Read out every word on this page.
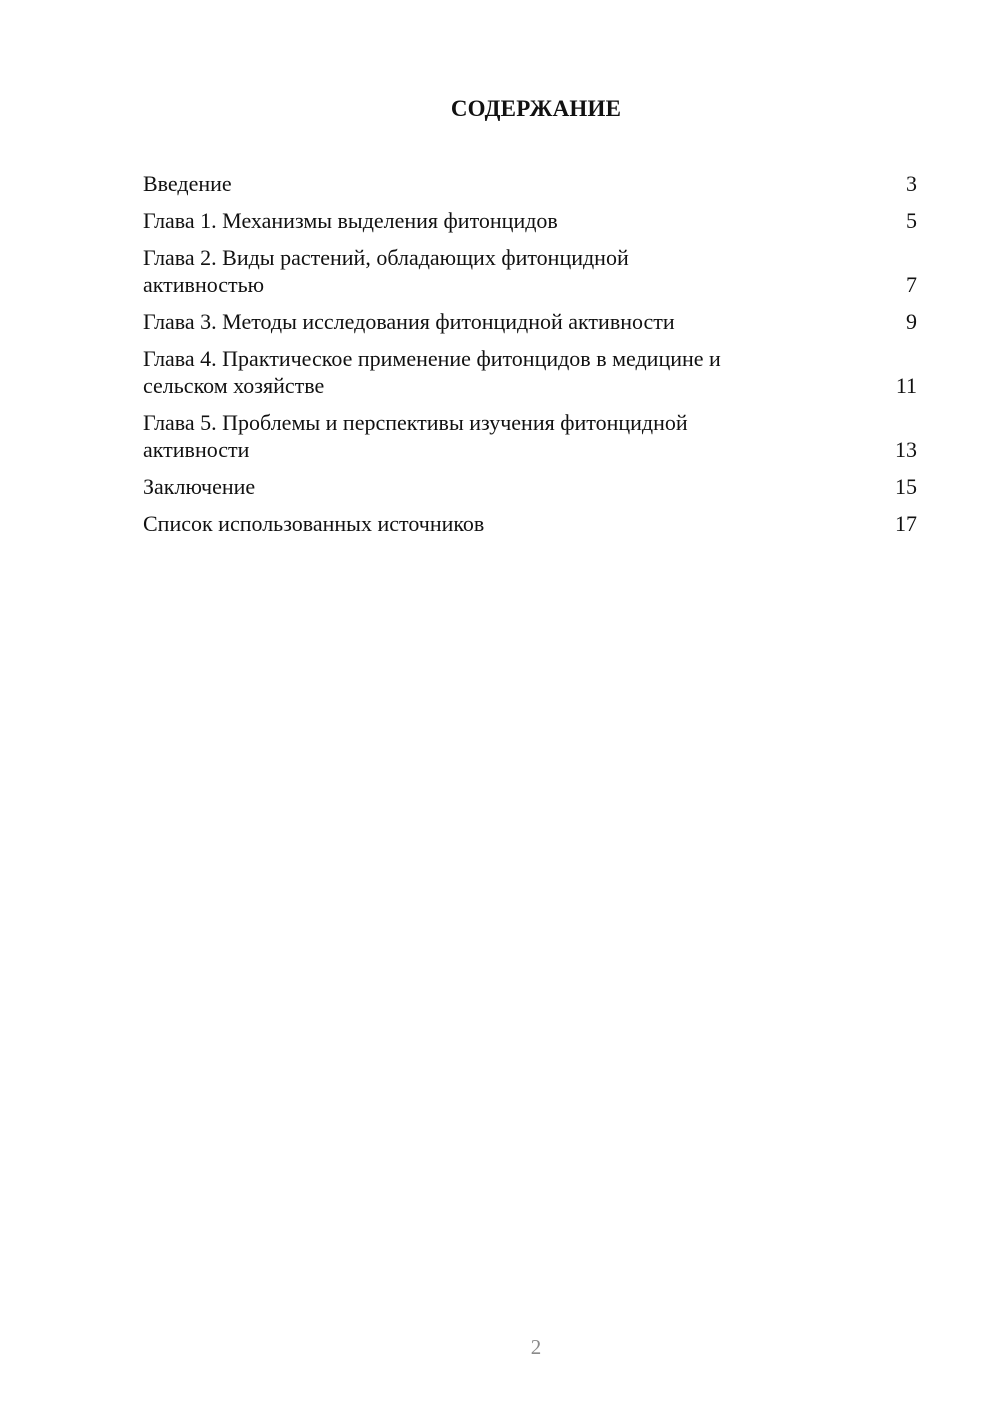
СОДЕРЖАНИЕ
Введение	3
Глава 1. Механизмы выделения фитонцидов	5
Глава 2. Виды растений, обладающих фитонцидной активностью	7
Глава 3. Методы исследования фитонцидной активности	9
Глава 4. Практическое применение фитонцидов в медицине и сельском хозяйстве	11
Глава 5. Проблемы и перспективы изучения фитонцидной активности	13
Заключение	15
Список использованных источников	17
2
